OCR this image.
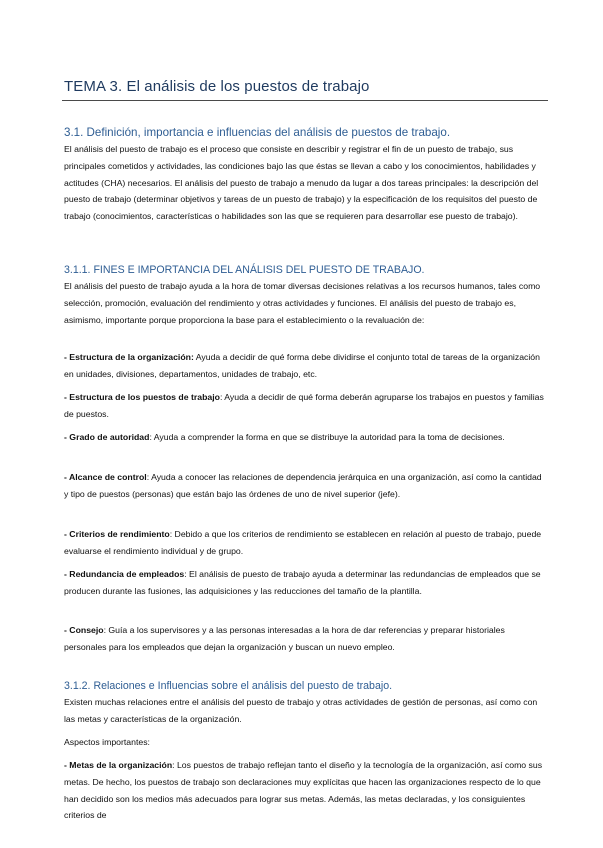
TEMA 3. El análisis de los puestos de trabajo
3.1. Definición, importancia e influencias del análisis de puestos de trabajo.
El análisis del puesto de trabajo es el proceso que consiste en describir y registrar el fin de un puesto de trabajo, sus principales cometidos y actividades, las condiciones bajo las que éstas se llevan a cabo y los conocimientos, habilidades y actitudes (CHA) necesarios. El análisis del puesto de trabajo a menudo da lugar a dos tareas principales: la descripción del puesto de trabajo (determinar objetivos y tareas de un puesto de trabajo) y la especificación de los requisitos del puesto de trabajo (conocimientos, características o habilidades son las que se requieren para desarrollar ese puesto de trabajo).
3.1.1. FINES E IMPORTANCIA DEL ANÁLISIS DEL PUESTO DE TRABAJO.
El análisis del puesto de trabajo ayuda a la hora de tomar diversas decisiones relativas a los recursos humanos, tales como selección, promoción, evaluación del rendimiento y otras actividades y funciones. El análisis del puesto de trabajo es, asimismo, importante porque proporciona la base para el establecimiento o la revaluación de:
- Estructura de la organización: Ayuda a decidir de qué forma debe dividirse el conjunto total de tareas de la organización en unidades, divisiones, departamentos, unidades de trabajo, etc.
- Estructura de los puestos de trabajo: Ayuda a decidir de qué forma deberán agruparse los trabajos en puestos y familias de puestos.
- Grado de autoridad: Ayuda a comprender la forma en que se distribuye la autoridad para la toma de decisiones.
- Alcance de control: Ayuda a conocer las relaciones de dependencia jerárquica en una organización, así como la cantidad y tipo de puestos (personas) que están bajo las órdenes de uno de nivel superior (jefe).
- Criterios de rendimiento: Debido a que los criterios de rendimiento se establecen en relación al puesto de trabajo, puede evaluarse el rendimiento individual y de grupo.
- Redundancia de empleados: El análisis de puesto de trabajo ayuda a determinar las redundancias de empleados que se producen durante las fusiones, las adquisiciones y las reducciones del tamaño de la plantilla.
- Consejo: Guía a los supervisores y a las personas interesadas a la hora de dar referencias y preparar historiales personales para los empleados que dejan la organización y buscan un nuevo empleo.
3.1.2. Relaciones e Influencias sobre el análisis del puesto de trabajo.
Existen muchas relaciones entre el análisis del puesto de trabajo y otras actividades de gestión de personas, así como con las metas y características de la organización.
Aspectos importantes:
- Metas de la organización: Los puestos de trabajo reflejan tanto el diseño y la tecnología de la organización, así como sus metas. De hecho, los puestos de trabajo son declaraciones muy explícitas que hacen las organizaciones respecto de lo que han decidido son los medios más adecuados para lograr sus metas. Además, las metas declaradas, y los consiguientes criterios de
